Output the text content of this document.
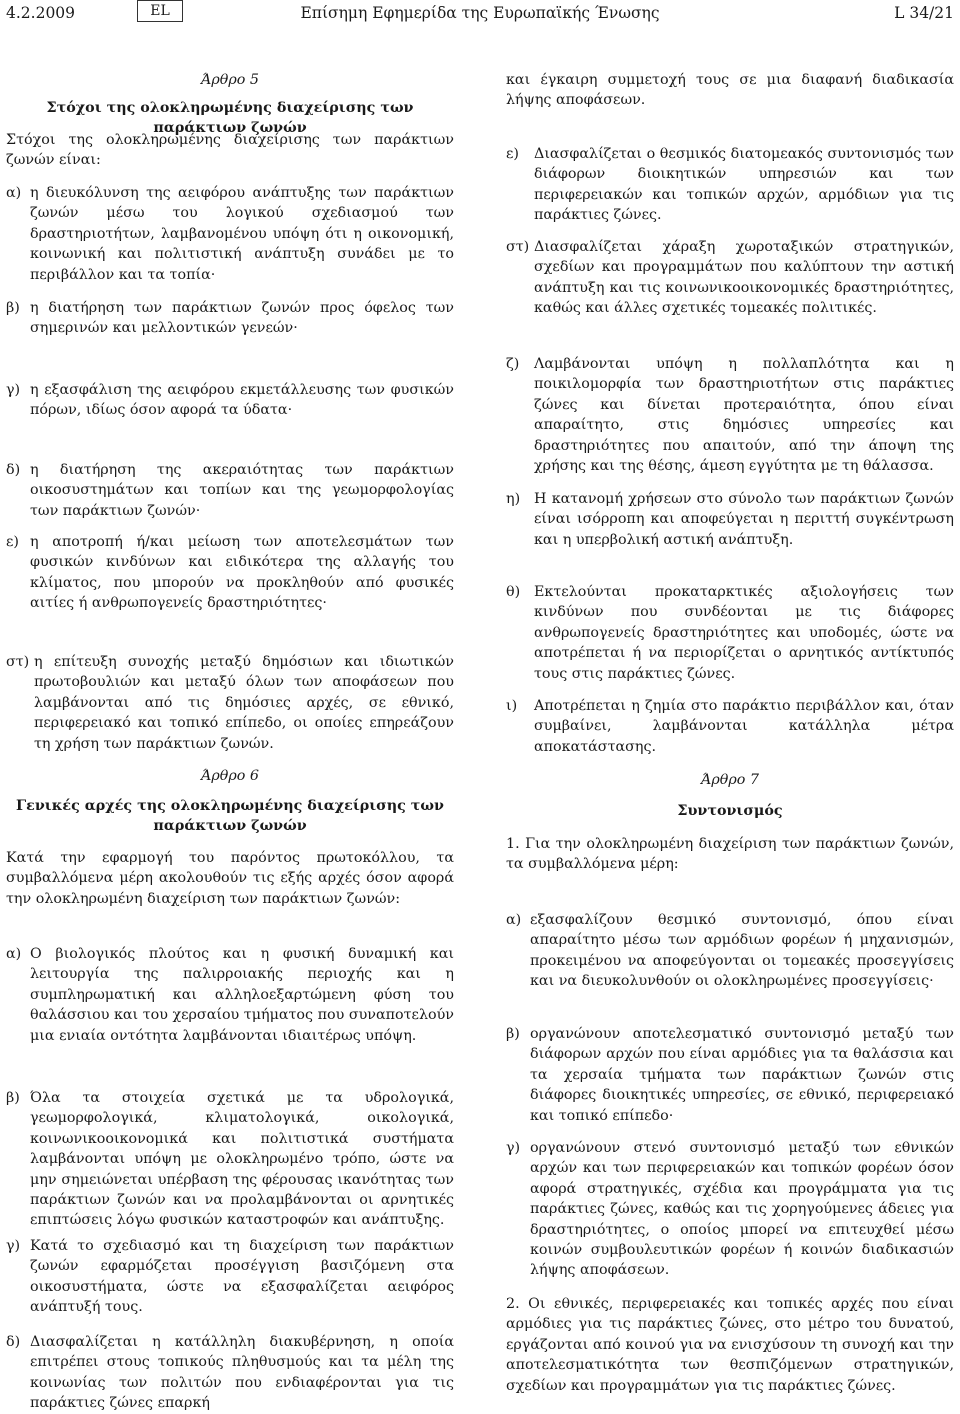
4.2.2009	EL	Επίσημη Εφημερίδα της Ευρωπαϊκής Ένωσης	L 34/21
Άρθρο 5
Στόχοι της ολοκληρωμένης διαχείρισης των παράκτιων ζωνών
Στόχοι της ολοκληρωμένης διαχείρισης των παράκτιων ζωνών είναι:
α) η διευκόλυνση της αειφόρου ανάπτυξης των παράκτιων ζωνών μέσω του λογικού σχεδιασμού των δραστηριοτήτων, λαμβανομένου υπόψη ότι η οικονομική, κοινωνική και πολιτιστική ανάπτυξη συνάδει με το περιβάλλον και τα τοπία·
β) η διατήρηση των παράκτιων ζωνών προς όφελος των σημερινών και μελλοντικών γενεών·
γ) η εξασφάλιση της αειφόρου εκμετάλλευσης των φυσικών πόρων, ιδίως όσον αφορά τα ύδατα·
δ) η διατήρηση της ακεραιότητας των παράκτιων οικοσυστημάτων και τοπίων και της γεωμορφολογίας των παράκτιων ζωνών·
ε) η αποτροπή ή/και μείωση των αποτελεσμάτων των φυσικών κινδύνων και ειδικότερα της αλλαγής του κλίματος, που μπορούν να προκληθούν από φυσικές αιτίες ή ανθρωπογενείς δραστηριότητες·
στ) η επίτευξη συνοχής μεταξύ δημόσιων και ιδιωτικών πρωτοβουλιών και μεταξύ όλων των αποφάσεων που λαμβάνονται από τις δημόσιες αρχές, σε εθνικό, περιφερειακό και τοπικό επίπεδο, οι οποίες επηρεάζουν τη χρήση των παράκτιων ζωνών.
Άρθρο 6
Γενικές αρχές της ολοκληρωμένης διαχείρισης των παράκτιων ζωνών
Κατά την εφαρμογή του παρόντος πρωτοκόλλου, τα συμβαλλόμενα μέρη ακολουθούν τις εξής αρχές όσον αφορά την ολοκληρωμένη διαχείριση των παράκτιων ζωνών:
α) Ο βιολογικός πλούτος και η φυσική δυναμική και λειτουργία της παλιρροιακής περιοχής και η συμπληρωματική και αλληλοεξαρτώμενη φύση του θαλάσσιου και του χερσαίου τμήματος που συναποτελούν μια ενιαία οντότητα λαμβάνονται ιδιαιτέρως υπόψη.
β) Όλα τα στοιχεία σχετικά με τα υδρολογικά, γεωμορφολογικά, κλιματολογικά, οικολογικά, κοινωνικοοικονομικά και πολιτιστικά συστήματα λαμβάνονται υπόψη με ολοκληρωμένο τρόπο, ώστε να μην σημειώνεται υπέρβαση της φέρουσας ικανότητας των παράκτιων ζωνών και να προλαμβάνονται οι αρνητικές επιπτώσεις λόγω φυσικών καταστροφών και ανάπτυξης.
γ) Κατά το σχεδιασμό και τη διαχείριση των παράκτιων ζωνών εφαρμόζεται προσέγγιση βασιζόμενη στα οικοσυστήματα, ώστε να εξασφαλίζεται αειφόρος ανάπτυξή τους.
δ) Διασφαλίζεται η κατάλληλη διακυβέρνηση, η οποία επιτρέπει στους τοπικούς πληθυσμούς και τα μέλη της κοινωνίας των πολιτών που ενδιαφέρονται για τις παράκτιες ζώνες επαρκή
και έγκαιρη συμμετοχή τους σε μια διαφανή διαδικασία λήψης αποφάσεων.
ε) Διασφαλίζεται ο θεσμικός διατομεακός συντονισμός των διάφορων διοικητικών υπηρεσιών και των περιφερειακών και τοπικών αρχών, αρμόδιων για τις παράκτιες ζώνες.
στ) Διασφαλίζεται χάραξη χωροταξικών στρατηγικών, σχεδίων και προγραμμάτων που καλύπτουν την αστική ανάπτυξη και τις κοινωνικοοικονομικές δραστηριότητες, καθώς και άλλες σχετικές τομεακές πολιτικές.
ζ) Λαμβάνονται υπόψη η πολλαπλότητα και η ποικιλομορφία των δραστηριοτήτων στις παράκτιες ζώνες και δίνεται προτεραιότητα, όπου είναι απαραίτητο, στις δημόσιες υπηρεσίες και δραστηριότητες που απαιτούν, από την άποψη της χρήσης και της θέσης, άμεση εγγύτητα με τη θάλασσα.
η) Η κατανομή χρήσεων στο σύνολο των παράκτιων ζωνών είναι ισόρροπη και αποφεύγεται η περιττή συγκέντρωση και η υπερβολική αστική ανάπτυξη.
θ) Εκτελούνται προκαταρκτικές αξιολογήσεις των κινδύνων που συνδέονται με τις διάφορες ανθρωπογενείς δραστηριότητες και υποδομές, ώστε να αποτρέπεται ή να περιορίζεται ο αρνητικός αντίκτυπός τους στις παράκτιες ζώνες.
ι) Αποτρέπεται η ζημία στο παράκτιο περιβάλλον και, όταν συμβαίνει, λαμβάνονται κατάλληλα μέτρα αποκατάστασης.
Άρθρο 7
Συντονισμός
1. Για την ολοκληρωμένη διαχείριση των παράκτιων ζωνών, τα συμβαλλόμενα μέρη:
α) εξασφαλίζουν θεσμικό συντονισμό, όπου είναι απαραίτητο μέσω των αρμόδιων φορέων ή μηχανισμών, προκειμένου να αποφεύγονται οι τομεακές προσεγγίσεις και να διευκολυνθούν οι ολοκληρωμένες προσεγγίσεις·
β) οργανώνουν αποτελεσματικό συντονισμό μεταξύ των διάφορων αρχών που είναι αρμόδιες για τα θαλάσσια και τα χερσαία τμήματα των παράκτιων ζωνών στις διάφορες διοικητικές υπηρεσίες, σε εθνικό, περιφερειακό και τοπικό επίπεδο·
γ) οργανώνουν στενό συντονισμό μεταξύ των εθνικών αρχών και των περιφερειακών και τοπικών φορέων όσον αφορά στρατηγικές, σχέδια και προγράμματα για τις παράκτιες ζώνες, καθώς και τις χορηγούμενες άδειες για δραστηριότητες, ο οποίος μπορεί να επιτευχθεί μέσω κοινών συμβουλευτικών φορέων ή κοινών διαδικασιών λήψης αποφάσεων.
2. Οι εθνικές, περιφερειακές και τοπικές αρχές που είναι αρμόδιες για τις παράκτιες ζώνες, στο μέτρο του δυνατού, εργάζονται από κοινού για να ενισχύσουν τη συνοχή και την αποτελεσματικότητα των θεσπιζόμενων στρατηγικών, σχεδίων και προγραμμάτων για τις παράκτιες ζώνες.
